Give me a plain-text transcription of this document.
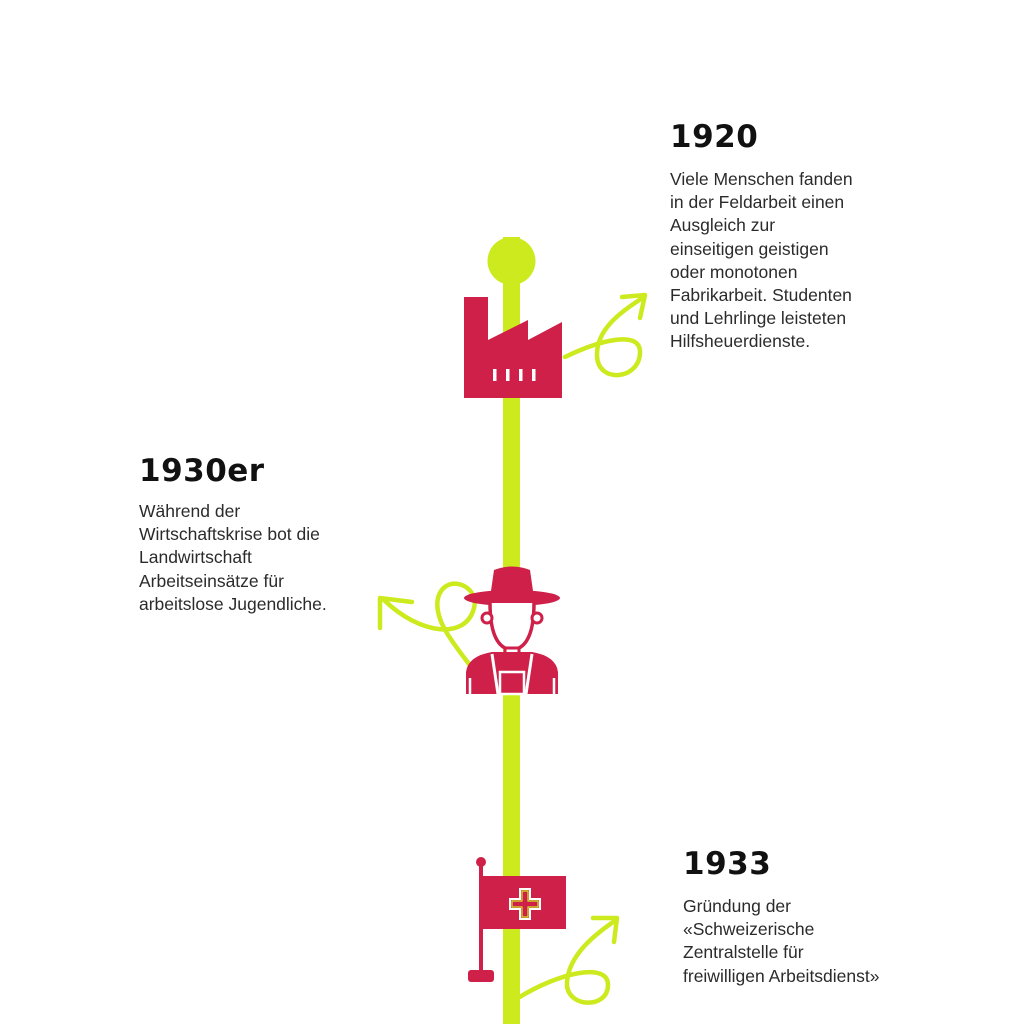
1920

Viele Menschen fanden
in der Feldarbeit einen
Ausgleich zur
einseitigen geistigen
oder monotonen
Fabrikarbeit. Studenten
und Lehrlinge leisteten
Hilfsheuerdienste.

1930er

Während der
Wirtschaftskrise bot die
Landwirtschaft
Arbeitseinsätze für
arbeitslose Jugendliche.

1933

Gründung der
«Schweizerische
Zentralstelle für
freiwilligen Arbeitsdienst»
